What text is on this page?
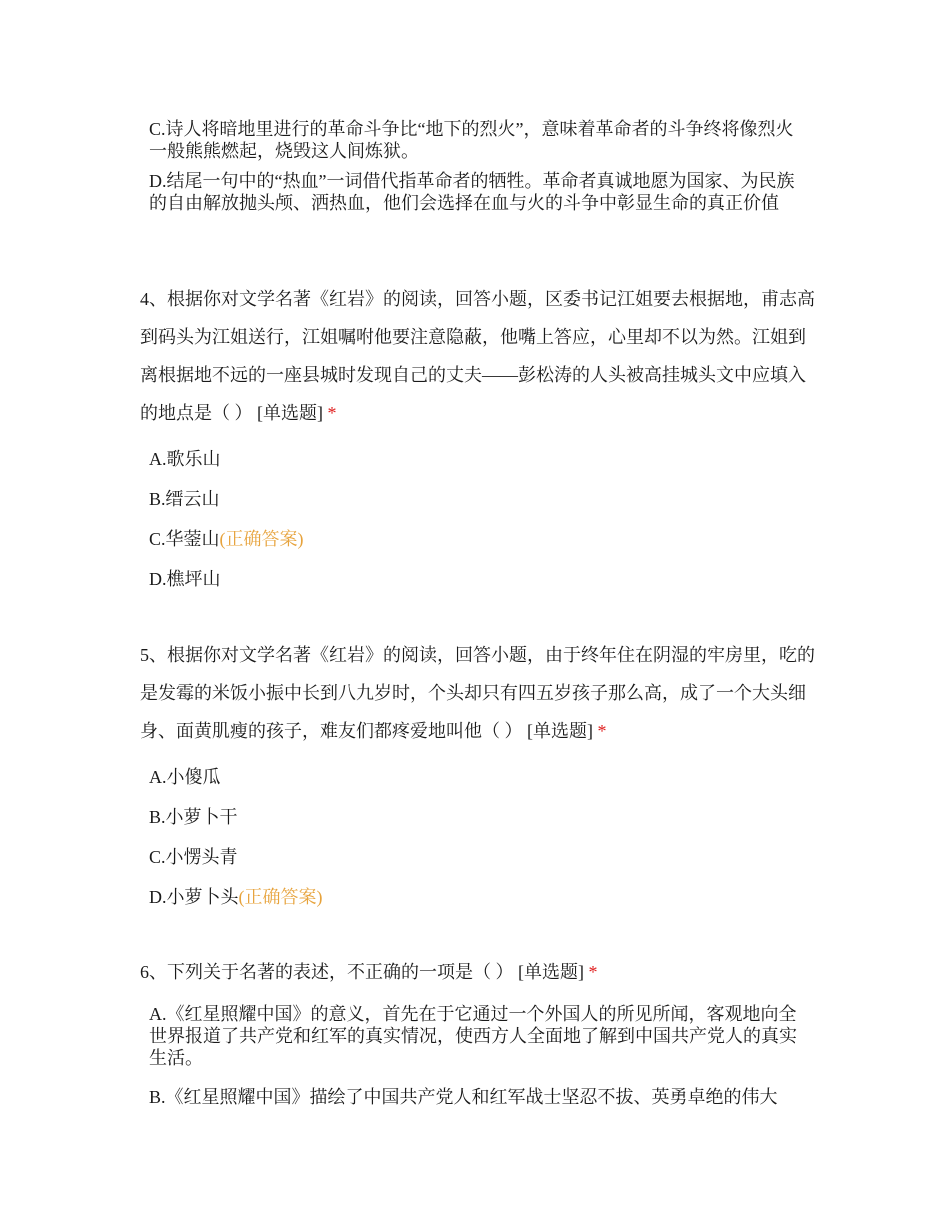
C.诗人将暗地里进行的革命斗争比“地下的烈火”，意味着革命者的斗争终将像烈火一般熊熊燃起，烧毁这人间炼狱。
D.结尾一句中的“热血”一词借代指革命者的牺牲。革命者真诚地愿为国家、为民族的自由解放抛头颅、洒热血，他们会选择在血与火的斗争中彰显生命的真正价值
4、根据你对文学名著《红岩》的阅读，回答小题，区委书记江姐要去根据地，甫志高到码头为江姐送行，江姐嘱咐他要注意隐蔽，他嘴上答应，心里却不以为然。江姐到离根据地不远的一座县城时发现自己的丈夫——彭松涛的人头被高挂城头文中应填入的地点是（ ） [单选题] *
A.歌乐山
B.缙云山
C.华蓥山(正确答案)
D.樵坪山
5、根据你对文学名著《红岩》的阅读，回答小题，由于终年住在阴湿的牢房里，吃的是发霉的米饭小振中长到八九岁时，个头却只有四五岁孩子那么高，成了一个大头细身、面黄肌瘦的孩子，难友们都疼爱地叫他（ ） [单选题] *
A.小傻瓜
B.小萝卜干
C.小愣头青
D.小萝卜头(正确答案)
6、下列关于名著的表述，不正确的一项是（ ） [单选题] *
A.《红星照耀中国》的意义，首先在于它通过一个外国人的所见所闻，客观地向全世界报道了共产党和红军的真实情况，使西方人全面地了解到中国共产党人的真实生活。
B.《红星照耀中国》描绘了中国共产党人和红军战士坚忍不拔、英勇卓绝的伟大
